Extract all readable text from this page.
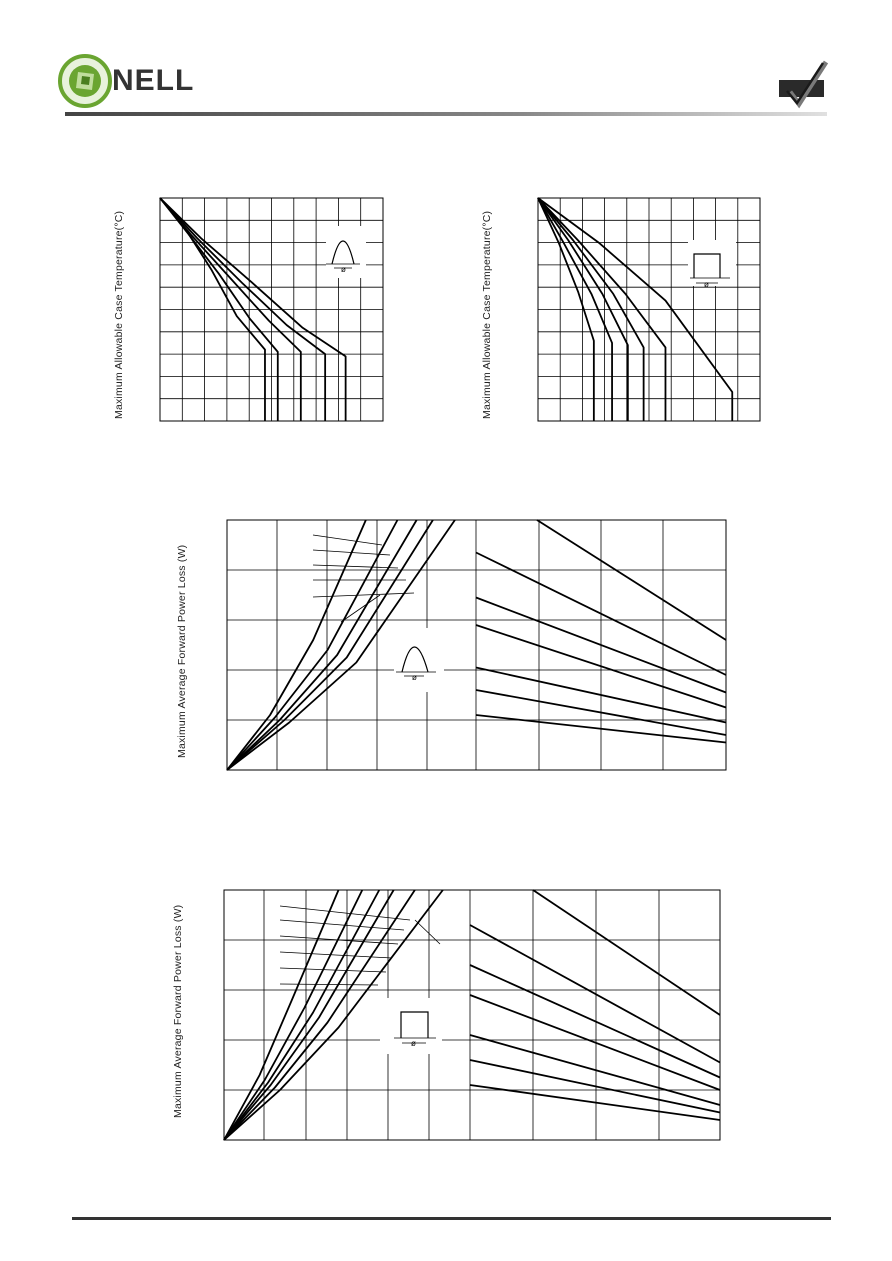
NELL
Maximum Allowable Case Temperature(°C)	ø	Maximum Allowable Case Temperature(°C)	ø
Maximum Average Forward Power Loss (W)	ø
Maximum Average Forward Power Loss (W)	ø
